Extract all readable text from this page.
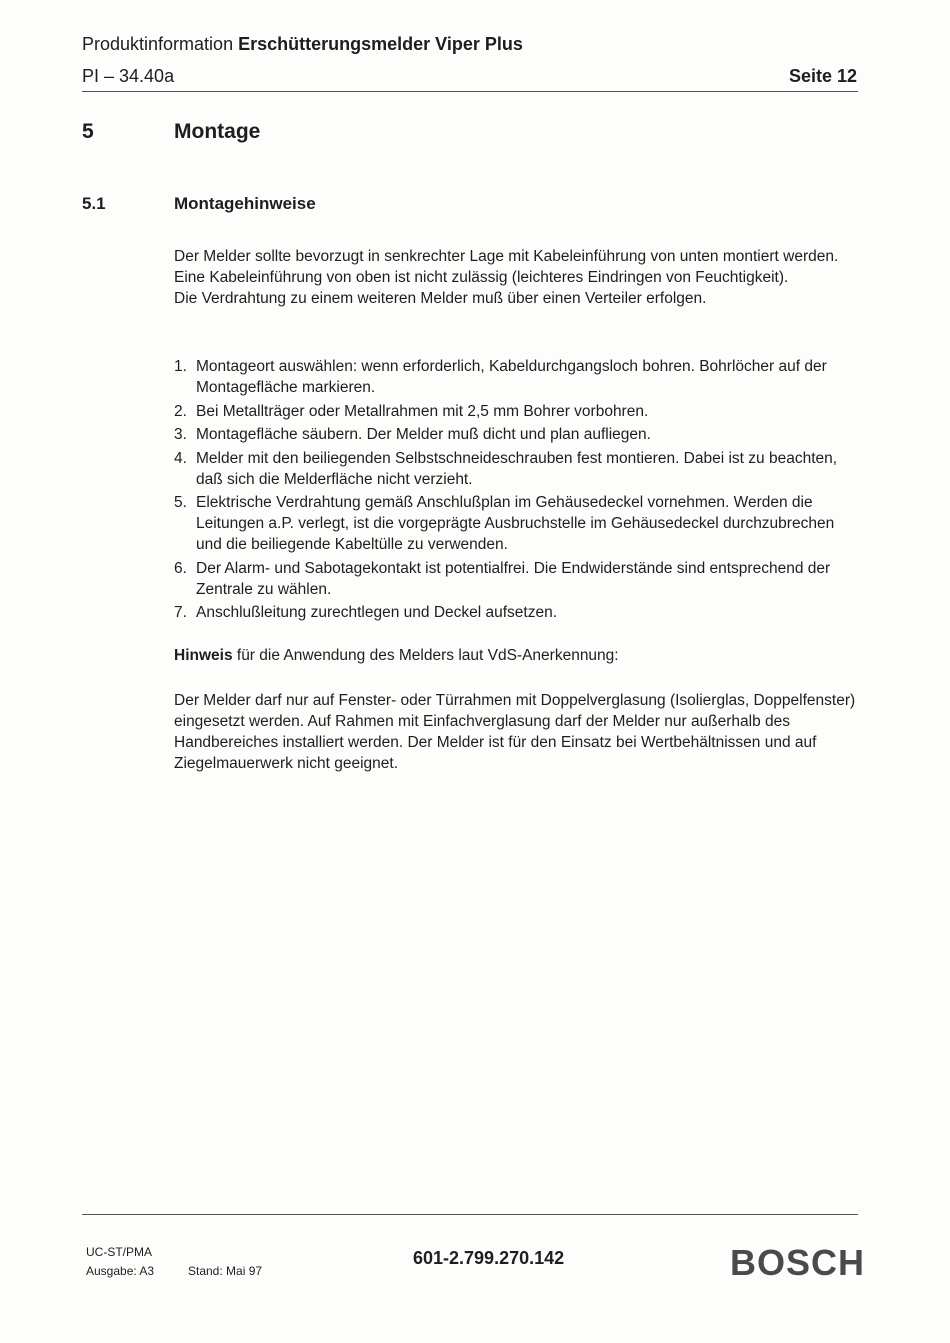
Produktinformation Erschütterungsmelder Viper Plus
PI – 34.40a	Seite 12
5	Montage
5.1	Montagehinweise

Der Melder sollte bevorzugt in senkrechter Lage mit Kabeleinführung von unten montiert werden. Eine Kabeleinführung von oben ist nicht zulässig (leichteres Eindringen von Feuchtigkeit).

Die Verdrahtung zu einem weiteren Melder muß über einen Verteiler erfolgen.

1. Montageort auswählen: wenn erforderlich, Kabeldurchgangsloch bohren. Bohrlöcher auf der Montagefläche markieren.
2. Bei Metallträger oder Metallrahmen mit 2,5 mm Bohrer vorbohren.
3. Montagefläche säubern. Der Melder muß dicht und plan aufliegen.
4. Melder mit den beiliegenden Selbstschneideschrauben fest montieren. Dabei ist zu beachten, daß sich die Melderfläche nicht verzieht.
5. Elektrische Verdrahtung gemäß Anschlußplan im Gehäusedeckel vornehmen. Werden die Leitungen a.P. verlegt, ist die vorgeprägte Ausbruchstelle im Gehäusedeckel durchzubrechen und die beiliegende Kabeltülle zu verwenden.
6. Der Alarm- und Sabotagekontakt ist potentialfrei. Die Endwiderstände sind entsprechend der Zentrale zu wählen.
7. Anschlußleitung zurechtlegen und Deckel aufsetzen.
Hinweis für die Anwendung des Melders laut VdS-Anerkennung:
Der Melder darf nur auf Fenster- oder Türrahmen mit Doppelverglasung (Isolierglas, Doppelfenster) eingesetzt werden. Auf Rahmen mit Einfachverglasung darf der Melder nur außerhalb des Handbereiches installiert werden. Der Melder ist für den Einsatz bei Wertbehältnissen und auf Ziegelmauerwerk nicht geeignet.
UC-ST/PMA
Ausgabe: A3	Stand: Mai 97
601-2.799.270.142	BOSCH
